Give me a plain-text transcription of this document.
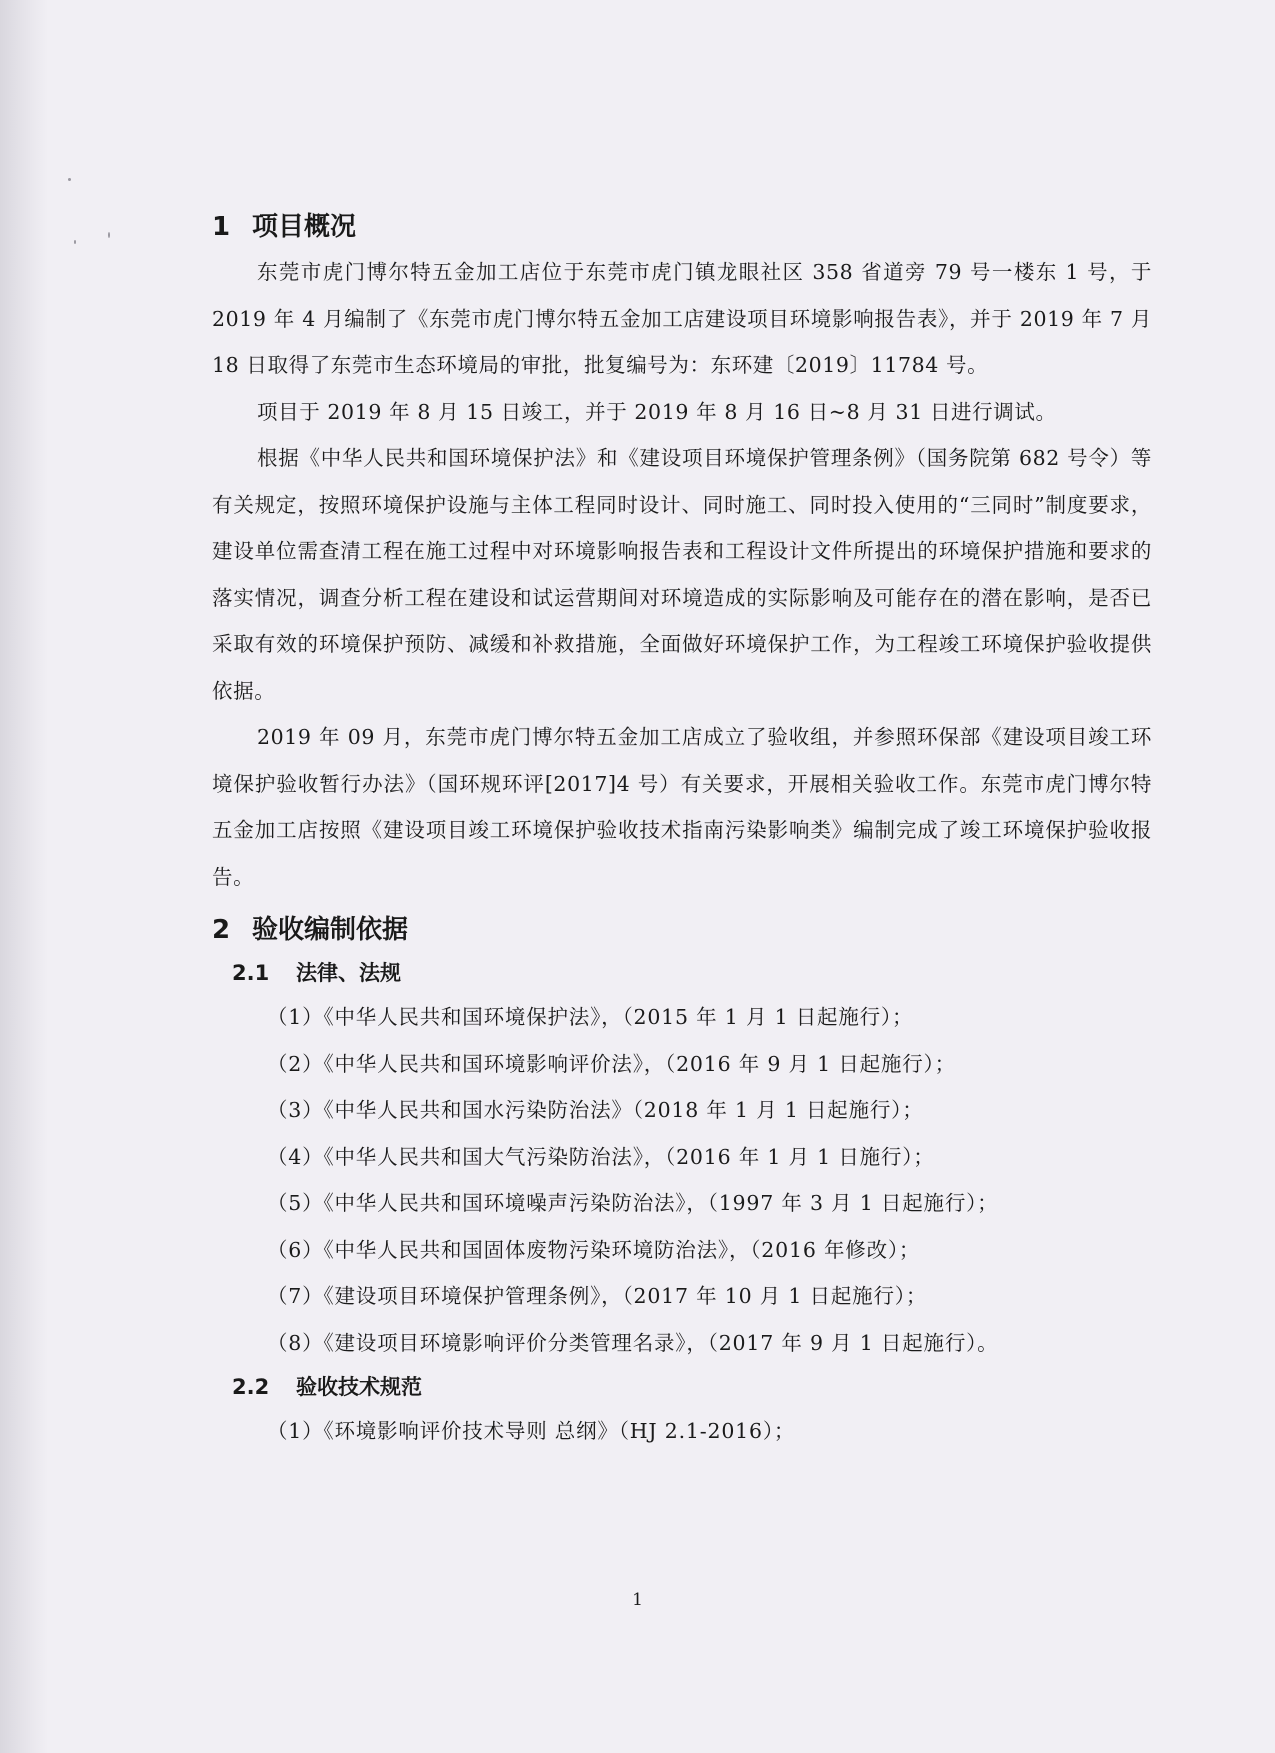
1 项目概况

东莞市虎门博尔特五金加工店位于东莞市虎门镇龙眼社区 358 省道旁 79 号一楼东 1 号，于 2019 年 4 月编制了《东莞市虎门博尔特五金加工店建设项目环境影响报告表》，并于 2019 年 7 月 18 日取得了东莞市生态环境局的审批，批复编号为：东环建〔2019〕11784 号。

项目于 2019 年 8 月 15 日竣工，并于 2019 年 8 月 16 日~8 月 31 日进行调试。

根据《中华人民共和国环境保护法》和《建设项目环境保护管理条例》（国务院第 682 号令）等有关规定，按照环境保护设施与主体工程同时设计、同时施工、同时投入使用的“三同时”制度要求，建设单位需查清工程在施工过程中对环境影响报告表和工程设计文件所提出的环境保护措施和要求的落实情况，调查分析工程在建设和试运营期间对环境造成的实际影响及可能存在的潜在影响，是否已采取有效的环境保护预防、减缓和补救措施，全面做好环境保护工作，为工程竣工环境保护验收提供依据。

2019 年 09 月，东莞市虎门博尔特五金加工店成立了验收组，并参照环保部《建设项目竣工环境保护验收暂行办法》（国环规环评[2017]4 号）有关要求，开展相关验收工作。东莞市虎门博尔特五金加工店按照《建设项目竣工环境保护验收技术指南污染影响类》编制完成了竣工环境保护验收报告。

2 验收编制依据
2.1 法律、法规
（1）《中华人民共和国环境保护法》，（2015 年 1 月 1 日起施行）；
（2）《中华人民共和国环境影响评价法》，（2016 年 9 月 1 日起施行）；
（3）《中华人民共和国水污染防治法》（2018 年 1 月 1 日起施行）；
（4）《中华人民共和国大气污染防治法》，（2016 年 1 月 1 日施行）；
（5）《中华人民共和国环境噪声污染防治法》，（1997 年 3 月 1 日起施行）；
（6）《中华人民共和国固体废物污染环境防治法》，（2016 年修改）；
（7）《建设项目环境保护管理条例》，（2017 年 10 月 1 日起施行）；
（8）《建设项目环境影响评价分类管理名录》，（2017 年 9 月 1 日起施行）。
2.2 验收技术规范
（1）《环境影响评价技术导则 总纲》（HJ 2.1-2016）；
1
